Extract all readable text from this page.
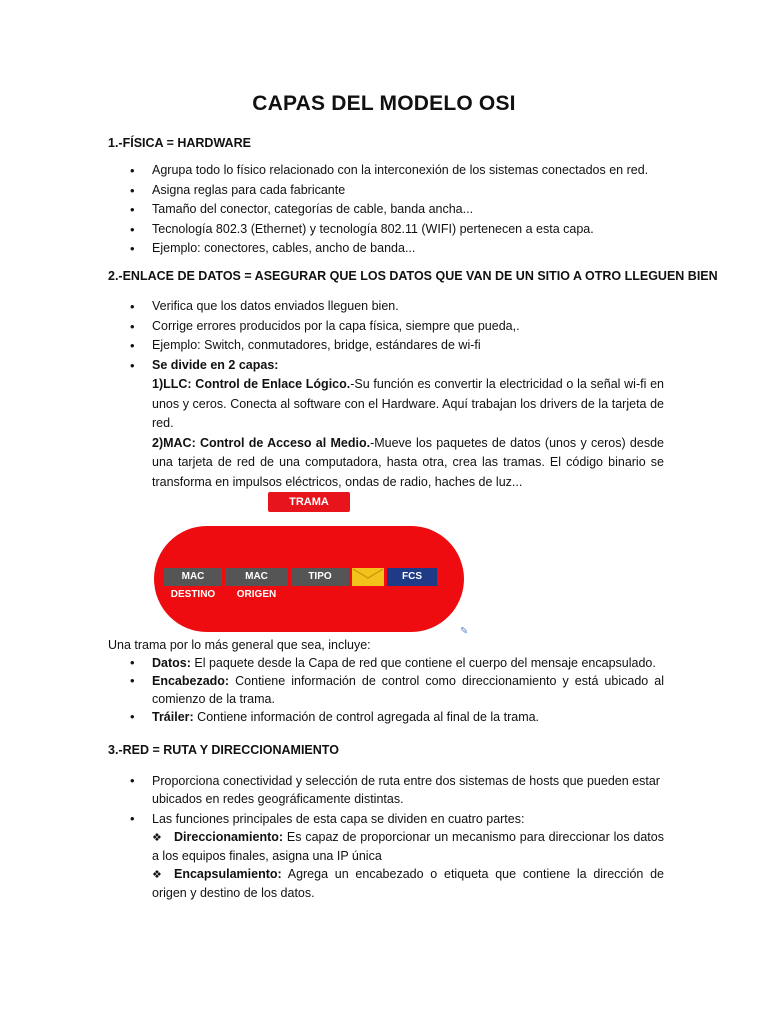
CAPAS DEL MODELO OSI
1.-FÍSICA = HARDWARE
• Agrupa todo lo físico relacionado con la interconexión de los sistemas conectados en red.
• Asigna reglas para cada fabricante
• Tamaño del conector, categorías de cable, banda ancha...
• Tecnología 802.3 (Ethernet) y tecnología 802.11 (WIFI) pertenecen a esta capa.
• Ejemplo: conectores, cables, ancho de banda...
2.-ENLACE DE DATOS = ASEGURAR QUE LOS DATOS QUE VAN DE UN SITIO A OTRO LLEGUEN BIEN
• Verifica que los datos enviados lleguen bien.
• Corrige errores producidos por la capa física, siempre que pueda,.
• Ejemplo: Switch, conmutadores, bridge, estándares de wi-fi
• Se divide en 2 capas:
1)LLC: Control de Enlace Lógico.-Su función es convertir la electricidad o la señal wi-fi en unos y ceros. Conecta al software con el Hardware. Aquí trabajan los drivers de la tarjeta de red.
2)MAC: Control de Acceso al Medio.-Mueve los paquetes de datos (unos y ceros) desde una tarjeta de red de una computadora, hasta otra, crea las tramas. El código binario se transforma en impulsos eléctricos, ondas de radio, haches de luz...
TRAMA
MAC DESTINO
MAC ORIGEN
TIPO	FCS
✎
Una trama por lo más general que sea, incluye:
• Datos: El paquete desde la Capa de red que contiene el cuerpo del mensaje encapsulado.
• Encabezado: Contiene información de control como direccionamiento y está ubicado al comienzo de la trama.
• Tráiler: Contiene información de control agregada al final de la trama.
3.-RED = RUTA Y DIRECCIONAMIENTO
• Proporciona conectividad y selección de ruta entre dos sistemas de hosts que pueden estar ubicados en redes geográficamente distintas.
• Las funciones principales de esta capa se dividen en cuatro partes:
❖ Direccionamiento: Es capaz de proporcionar un mecanismo para direccionar los datos a los equipos finales, asigna una IP única
❖ Encapsulamiento: Agrega un encabezado o etiqueta que contiene la dirección de origen y destino de los datos.
